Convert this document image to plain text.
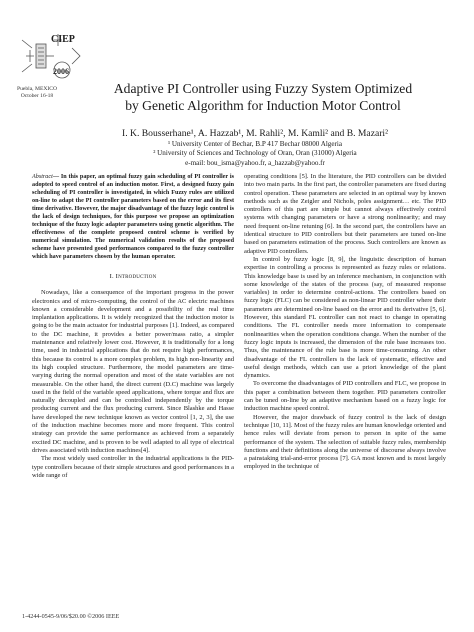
CIEP
2006
Puebla, MEXICO
October 16-18	Adaptive PI Controller using Fuzzy System Optimized
by Genetic Algorithm for Induction Motor Control
I. K. Bousserhane¹, A. Hazzab¹, M. Rahli², M. Kamli² and B. Mazari²
¹ University Center of Bechar, B.P 417 Bechar 08000 Algeria
² University of Sciences and Technology of Oran, Oran (31000) Algeria
e-mail: bou_isma@yahoo.fr, a_hazzab@yahoo.fr

Abstract— In this paper, an optimal fuzzy gain scheduling of PI controller is adopted to speed control of an induction motor. First, a designed fuzzy gain scheduling of PI controller is investigated, in which Fuzzy rules are utilized on-line to adapt the PI controller parameters based on the error and its first time derivative. However, the major disadvantage of the fuzzy logic control is the lack of design techniques, for this purpose we propose an optimization technique of the fuzzy logic adapter parameters using genetic algorithm. The effectiveness of the complete proposed control scheme is verified by numerical simulation. The numerical validation results of the proposed scheme have presented good performances compared to the fuzzy controller which have parameters chosen by the human operator.

I. Introduction

Nowadays, like a consequence of the important progress in the power electronics and of micro-computing, the control of the AC electric machines known a considerable development and a possibility of the real time implantation applications. It is widely recognized that the induction motor is going to be the main actuator for industrial purposes [1]. Indeed, as compared to the DC machine, it provides a better power/mass ratio, a simpler maintenance and relatively lower cost. However, it is traditionally for a long time, used in industrial applications that do not require high performances, this because its control is a more complex problem, its high non-linearity and its high coupled structure. Furthermore, the model parameters are time-varying during the normal operation and most of the state variables are not measurable. On the other hand, the direct current (D.C) machine was largely used in the field of the variable speed applications, where torque and flux are naturally decoupled and can be controlled independently by the torque producing current and the flux producing current. Since Blashke and Hasse have developed the new technique known as vector control [1, 2, 3], the use of the induction machine becomes more and more frequent. This control strategy can provide the same performance as achieved from a separately excited DC machine, and is proven to be well adapted to all type of electrical drives associated with induction machines[4].

The most widely used controller in the industrial applications is the PID-type controllers because of their simple structures and good performances in a wide range of

operating conditions [5]. In the literature, the PID controllers can be divided into two main parts. In the first part, the controller parameters are fixed during control operation. These parameters are selected in an optimal way by known methods such as the Zeigler and Nichols, poles assignment… etc. The PID controllers of this part are simple but cannot always effectively control systems with changing parameters or have a strong nonlinearity; and may need frequent on-line retuning [6]. In the second part, the controllers have an identical structure to PID controllers but their parameters are tuned on-line based on parameters estimation of the process. Such controllers are known as adaptive PID controllers.

In control by fuzzy logic [8, 9], the linguistic description of human expertise in controlling a process is represented as fuzzy rules or relations. This knowledge base is used by an inference mechanism, in conjunction with some knowledge of the states of the process (say, of measured response variables) in order to determine control-actions. The controllers based on fuzzy logic (FLC) can be considered as non-linear PID controller where their parameters are determined on-line based on the error and its derivative [5, 6]. However, this standard FL controller can not react to change in operating conditions. The FL controller needs more information to compensate nonlinearities when the operation conditions change. When the number of the fuzzy logic inputs is increased, the dimension of the rule base increases too. Thus, the maintenance of the rule base is more time-consuming. An other disadvantage of the FL controllers is the lack of systematic, effective and useful design methods, which can use a priori knowledge of the plant dynamics.

To overcome the disadvantages of PID controllers and FLC, we propose in this paper a combination between them together. PID parameters controller can be tuned on-line by an adaptive mechanism based on a fuzzy logic for induction machine speed control.

However, the major drawback of fuzzy control is the lack of design technique [10, 11]. Most of the fuzzy rules are human knowledge oriented and hence rules will deviate from person to person in spite of the same performance of the system. The selection of suitable fuzzy rules, membership functions and their definitions along the universe of discourse always involve a painstaking trial-and-error process [7]. GA most known and is most largely employed in the technique of

1-4244-0545-9/06/$20.00 ©2006 IEEE
